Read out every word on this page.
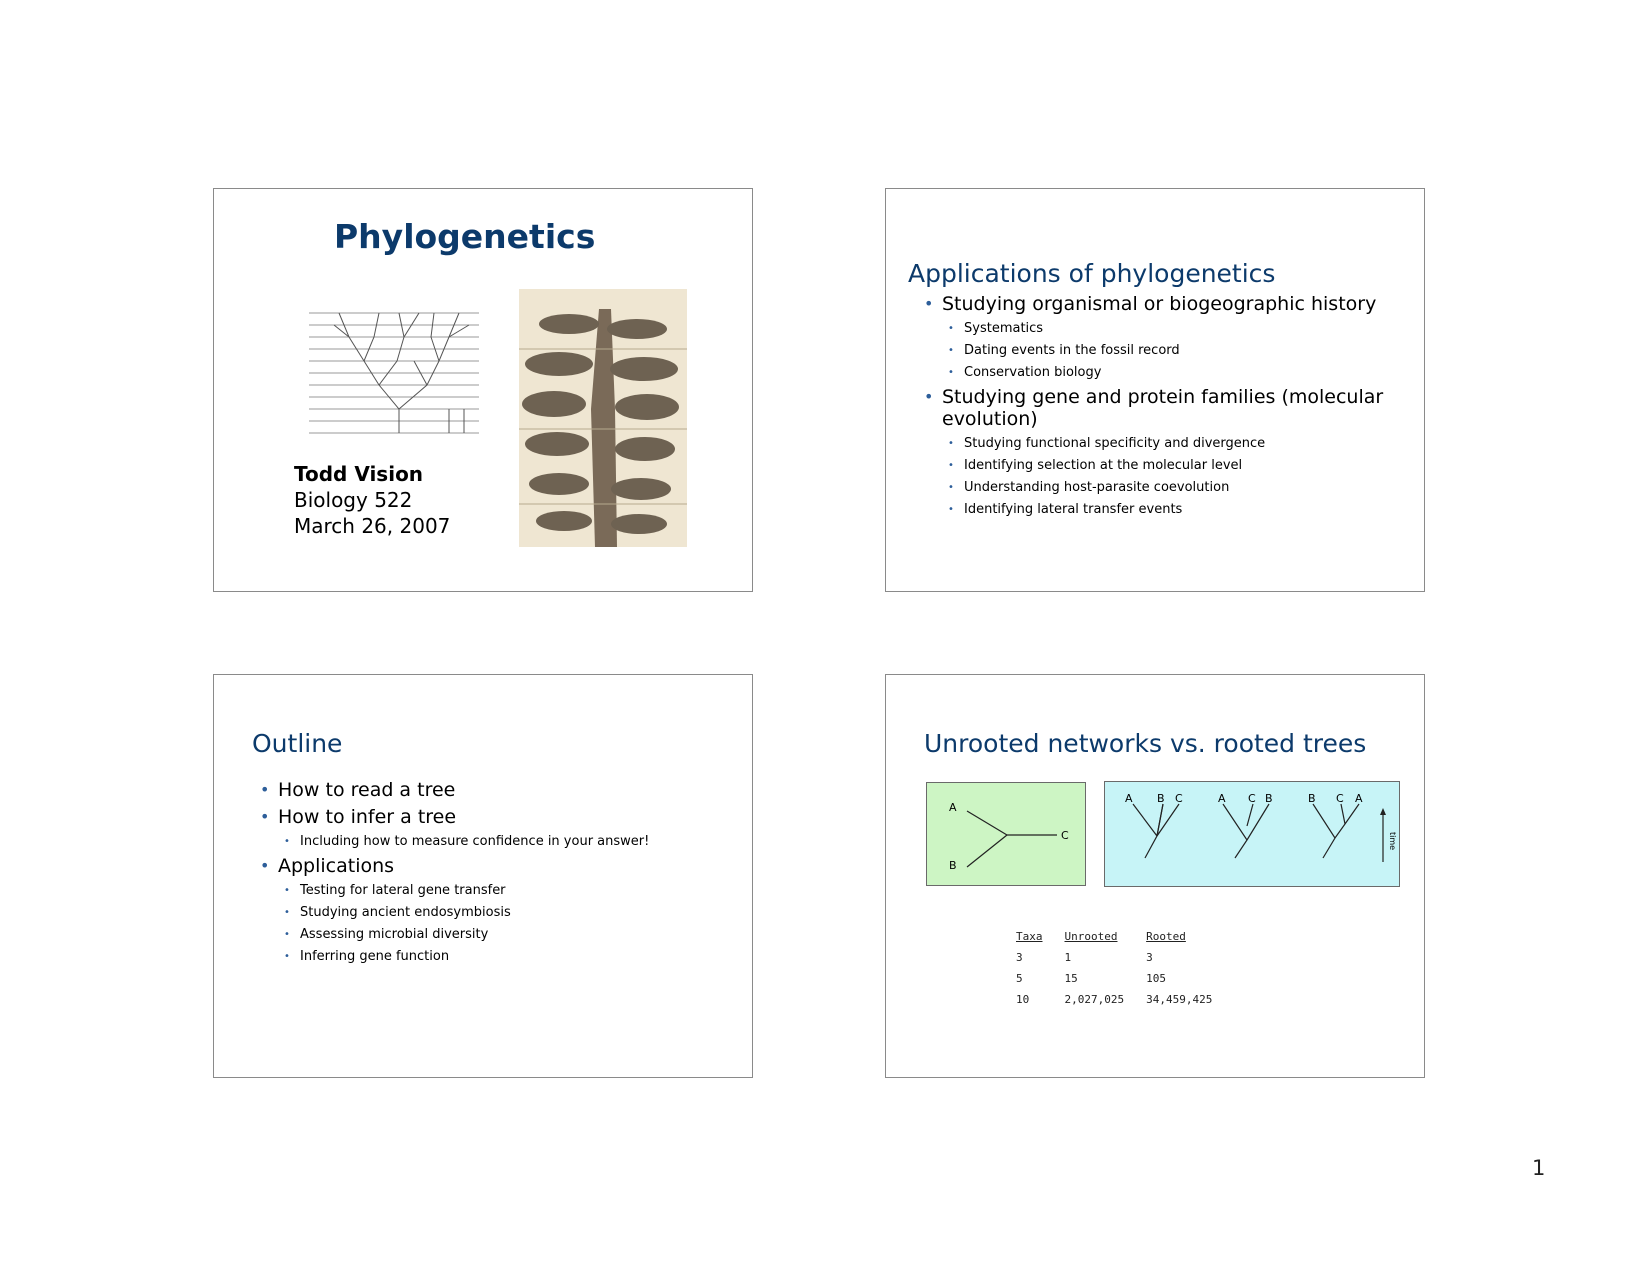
Phylogenetics
Todd Vision
Biology 522
March 26, 2007
Applications of phylogenetics
• Studying organismal or biogeographic history
• Systematics
• Dating events in the fossil record
• Conservation biology
• Studying gene and protein families (molecular evolution)
• Studying functional specificity and divergence
• Identifying selection at the molecular level
• Understanding host-parasite coevolution
• Identifying lateral transfer events
Outline
• How to read a tree
• How to infer a tree
• Including how to measure confidence in your answer!
• Applications
• Testing for lateral gene transfer
• Studying ancient endosymbiosis
• Assessing microbial diversity
• Inferring gene function
Unrooted networks vs. rooted trees
A
B
C
A B C	A C B	B C A
time
Taxa	Unrooted	Rooted
3	1	3
5	15	105
10	2,027,025	34,459,425
1
